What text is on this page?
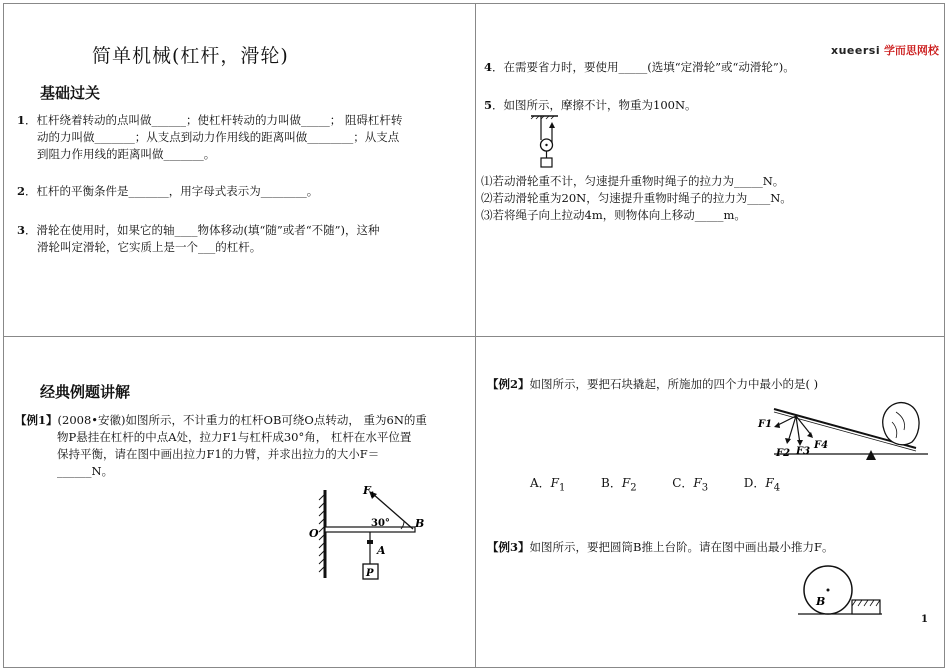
简单机械(杠杆，滑轮)
基础过关
1．杠杆绕着转动的点叫做______；使杠杆转动的力叫做_____； 阻碍杠杆转
动的力叫做_______；从支点到动力作用线的距离叫做________；从支点
到阻力作用线的距离叫做_______。
2．杠杆的平衡条件是_______，用字母式表示为________。
3．滑轮在使用时，如果它的轴____物体移动(填“随”或者“不随”)，这种
滑轮叫定滑轮，它实质上是一个___的杠杆。
xueersi 学而思网校
4．在需要省力时，要使用_____(选填“定滑轮”或“动滑轮”)。
5．如图所示，摩擦不计，物重为100N。
⑴若动滑轮重不计，匀速提升重物时绳子的拉力为_____N。
⑵若动滑轮重为20N，匀速提升重物时绳子的拉力为____N。
⑶若将绳子向上拉动4m，则物体向上移动_____m。
经典例题讲解
【例1】(2008•安徽)如图所示，不计重力的杠杆OB可绕O点转动， 重为6N的重
物P悬挂在杠杆的中点A处，拉力F1与杠杆成30°角， 杠杆在水平位置
保持平衡，请在图中画出拉力F1的力臂，并求出拉力的大小F＝
______N。
F 1
O
B
A
P
30°
【例2】如图所示，要把石块撬起，所施加的四个力中最小的是( )
F1
F2 F3
F4
A．$F_1$	B．$F_2$	C．$F_3$	D．$F_4$
【例3】如图所示，要把圆筒B推上台阶。请在图中画出最小推力F。
B
1
